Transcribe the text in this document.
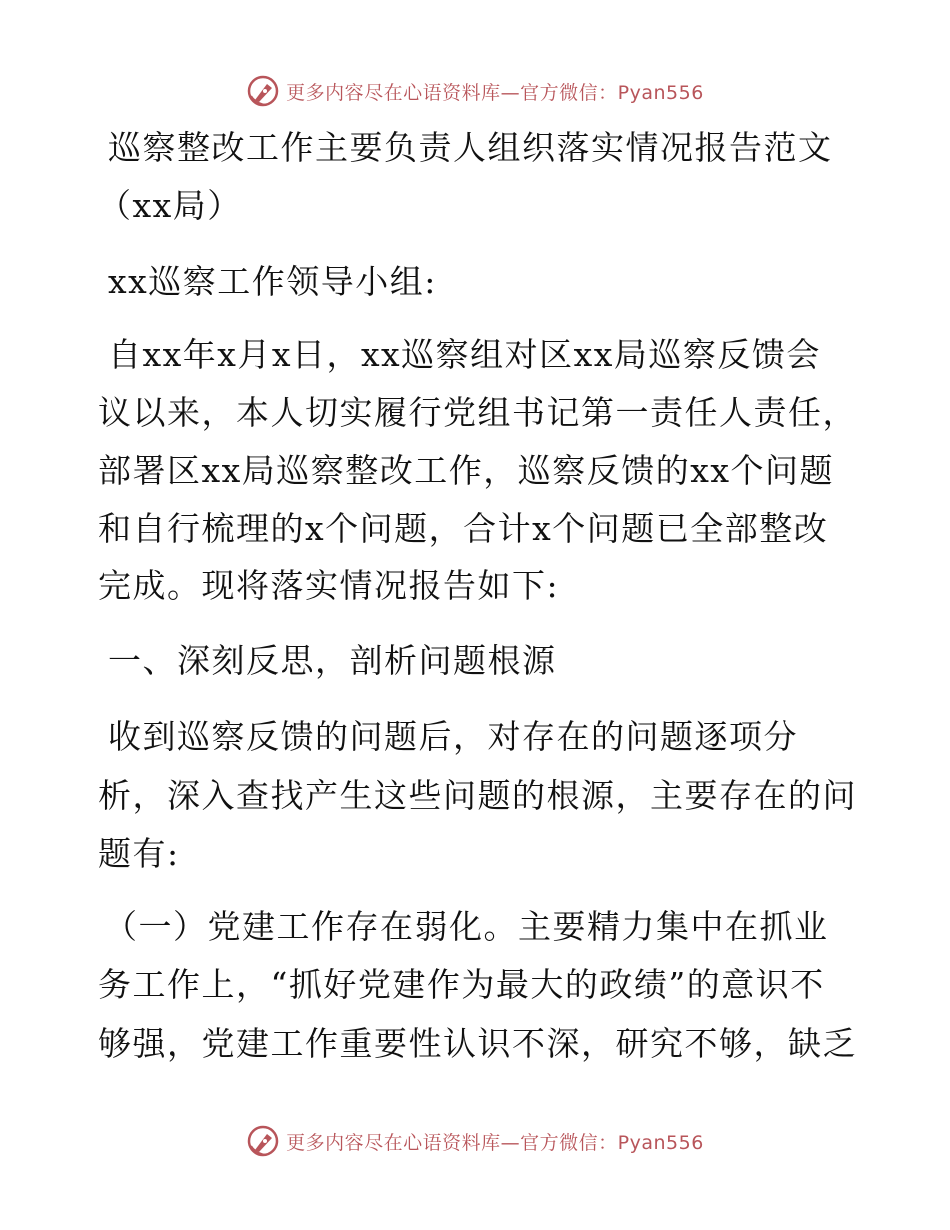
更多内容尽在心语资料库—官方微信：Pyan556
巡察整改工作主要负责人组织落实情况报告范文
（xx局）
xx巡察工作领导小组:
自xx年x月x日，xx巡察组对区xx局巡察反馈会
议以来，本人切实履行党组书记第一责任人责任，
部署区xx局巡察整改工作，巡察反馈的xx个问题
和自行梳理的x个问题，合计x个问题已全部整改
完成。现将落实情况报告如下:
一、深刻反思，剖析问题根源
收到巡察反馈的问题后，对存在的问题逐项分
析，深入查找产生这些问题的根源，主要存在的问
题有:
（一）党建工作存在弱化。主要精力集中在抓业
务工作上，“抓好党建作为最大的政绩”的意识不
够强，党建工作重要性认识不深，研究不够，缺乏
更多内容尽在心语资料库—官方微信：Pyan556
